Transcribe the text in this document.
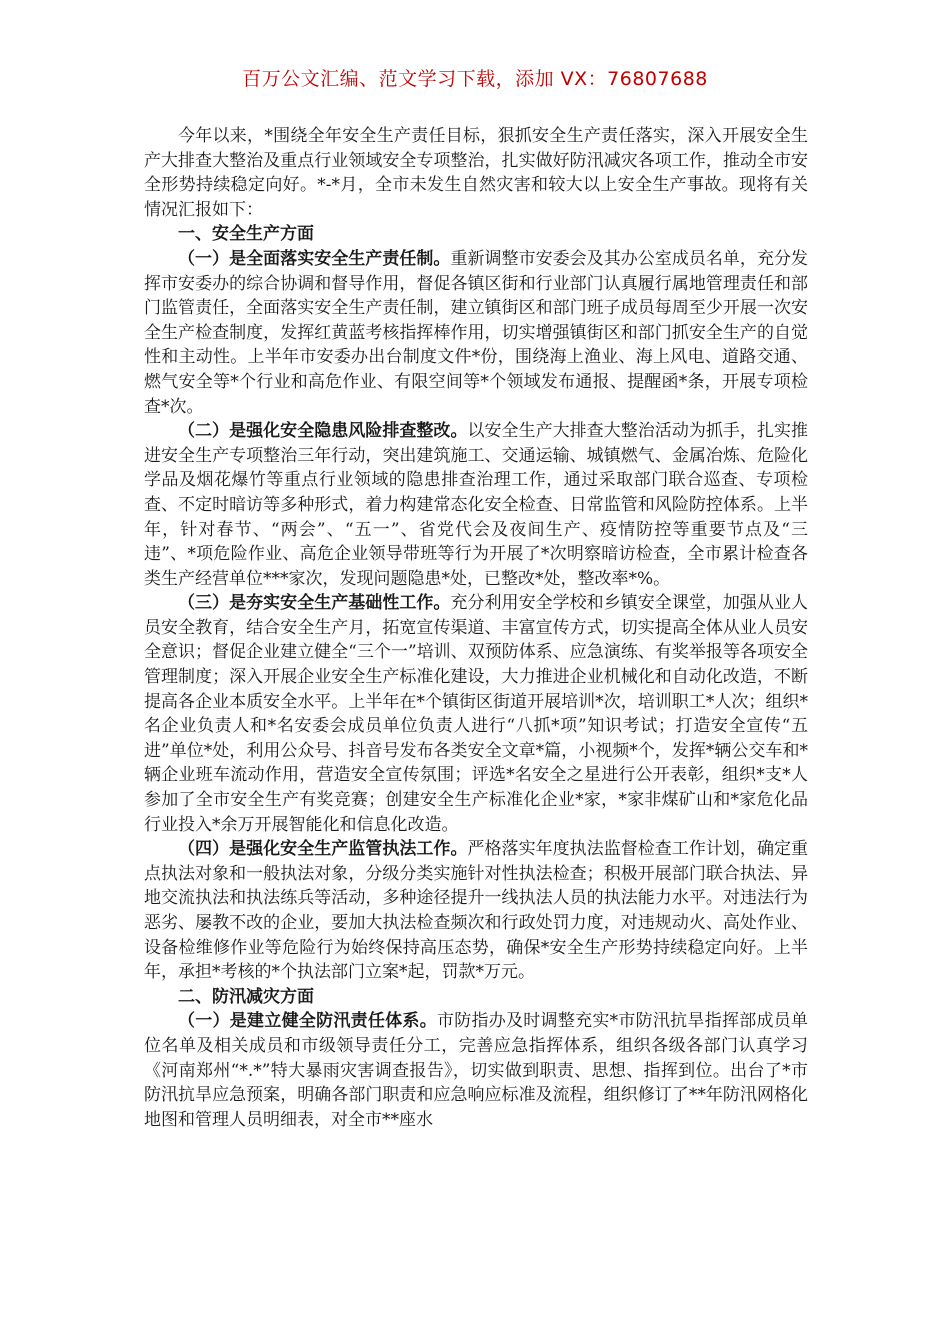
百万公文汇编、范文学习下载，添加 VX：76807688

今年以来，*围绕全年安全生产责任目标，狠抓安全生产责任落实，深入开展安全生产大排查大整治及重点行业领域安全专项整治，扎实做好防汛减灾各项工作，推动全市安全形势持续稳定向好。*-*月，全市未发生自然灾害和较大以上安全生产事故。现将有关情况汇报如下：

一、安全生产方面

（一）是全面落实安全生产责任制。重新调整市安委会及其办公室成员名单，充分发挥市安委办的综合协调和督导作用，督促各镇区街和行业部门认真履行属地管理责任和部门监管责任，全面落实安全生产责任制，建立镇街区和部门班子成员每周至少开展一次安全生产检查制度，发挥红黄蓝考核指挥棒作用，切实增强镇街区和部门抓安全生产的自觉性和主动性。上半年市安委办出台制度文件*份，围绕海上渔业、海上风电、道路交通、燃气安全等*个行业和高危作业、有限空间等*个领域发布通报、提醒函*条，开展专项检查*次。

（二）是强化安全隐患风险排查整改。以安全生产大排查大整治活动为抓手，扎实推进安全生产专项整治三年行动，突出建筑施工、交通运输、城镇燃气、金属冶炼、危险化学品及烟花爆竹等重点行业领域的隐患排查治理工作，通过采取部门联合巡查、专项检查、不定时暗访等多种形式，着力构建常态化安全检查、日常监管和风险防控体系。上半年，针对春节、“两会”、“五一”、省党代会及夜间生产、疫情防控等重要节点及“三违”、*项危险作业、高危企业领导带班等行为开展了*次明察暗访检查，全市累计检查各类生产经营单位***家次，发现问题隐患*处，已整改*处，整改率*%。

（三）是夯实安全生产基础性工作。充分利用安全学校和乡镇安全课堂，加强从业人员安全教育，结合安全生产月，拓宽宣传渠道、丰富宣传方式，切实提高全体从业人员安全意识；督促企业建立健全“三个一”培训、双预防体系、应急演练、有奖举报等各项安全管理制度；深入开展企业安全生产标准化建设，大力推进企业机械化和自动化改造，不断提高各企业本质安全水平。上半年在*个镇街区街道开展培训*次，培训职工*人次；组织*名企业负责人和*名安委会成员单位负责人进行“八抓*项”知识考试；打造安全宣传“五进”单位*处，利用公众号、抖音号发布各类安全文章*篇，小视频*个，发挥*辆公交车和*辆企业班车流动作用，营造安全宣传氛围；评选*名安全之星进行公开表彰，组织*支*人参加了全市安全生产有奖竞赛；创建安全生产标准化企业*家，*家非煤矿山和*家危化品行业投入*余万开展智能化和信息化改造。

（四）是强化安全生产监管执法工作。严格落实年度执法监督检查工作计划，确定重点执法对象和一般执法对象，分级分类实施针对性执法检查；积极开展部门联合执法、异地交流执法和执法练兵等活动，多种途径提升一线执法人员的执法能力水平。对违法行为恶劣、屡教不改的企业，要加大执法检查频次和行政处罚力度，对违规动火、高处作业、设备检维修作业等危险行为始终保持高压态势，确保*安全生产形势持续稳定向好。上半年，承担*考核的*个执法部门立案*起，罚款*万元。

二、防汛减灾方面

（一）是建立健全防汛责任体系。市防指办及时调整充实*市防汛抗旱指挥部成员单位名单及相关成员和市级领导责任分工，完善应急指挥体系，组织各级各部门认真学习《河南郑州“*.*”特大暴雨灾害调查报告》，切实做到职责、思想、指挥到位。出台了*市防汛抗旱应急预案，明确各部门职责和应急响应标准及流程，组织修订了**年防汛网格化地图和管理人员明细表，对全市**座水
